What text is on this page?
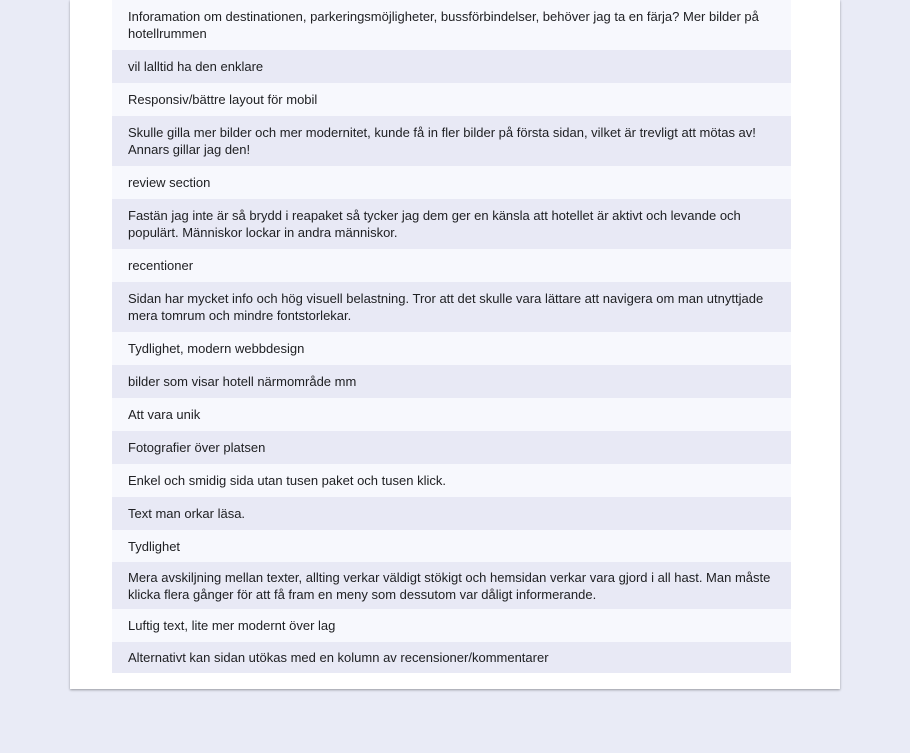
Inforamation om destinationen, parkeringsmöjligheter, bussförbindelser, behöver jag ta en färja? Mer bilder på hotellrummen
vil lalltid ha den enklare
Responsiv/bättre layout för mobil
Skulle gilla mer bilder och mer modernitet, kunde få in fler bilder på första sidan, vilket är trevligt att mötas av! Annars gillar jag den!
review section
Fastän jag inte är så brydd i reapaket så tycker jag dem ger en känsla att hotellet är aktivt och levande och populärt. Människor lockar in andra människor.
recentioner
Sidan har mycket info och hög visuell belastning. Tror att det skulle vara lättare att navigera om man utnyttjade mera tomrum och mindre fontstorlekar.
Tydlighet, modern webbdesign
bilder som visar hotell närmområde mm
Att vara unik
Fotografier över platsen
Enkel och smidig sida utan tusen paket och tusen klick.
Text man orkar läsa.
Tydlighet
Mera avskiljning mellan texter, allting verkar väldigt stökigt och hemsidan verkar vara gjord i all hast. Man måste klicka flera gånger för att få fram en meny som dessutom var dåligt informerande.
Luftig text, lite mer modernt över lag
Alternativt kan sidan utökas med en kolumn av recensioner/kommentarer
